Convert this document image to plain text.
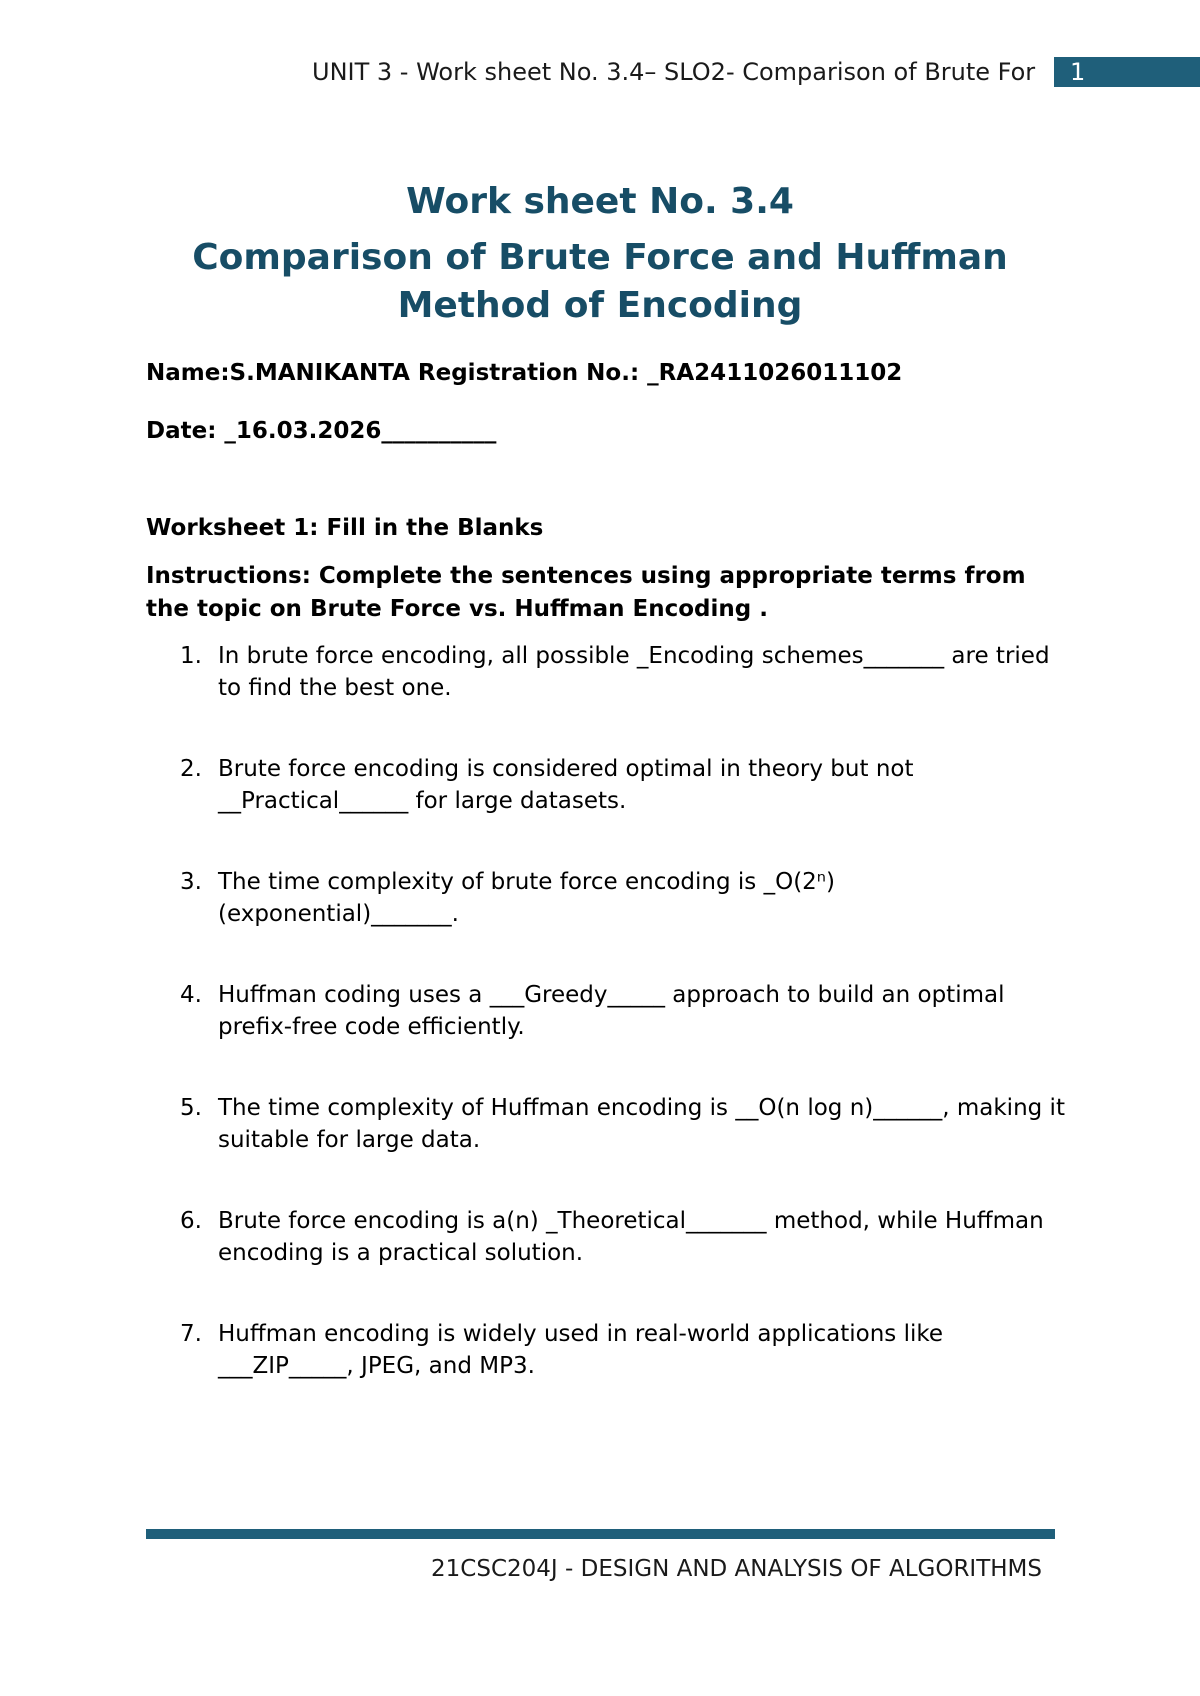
UNIT 3 - Work sheet No. 3.4– SLO2- Comparison of Brute For	1
Work sheet No. 3.4
Comparison of Brute Force and Huffman
Method of Encoding
Name:S.MANIKANTA Registration No.: _RA2411026011102
Date: _16.03.2026__________
Worksheet 1: Fill in the Blanks
Instructions: Complete the sentences using appropriate terms from the topic on Brute Force vs. Huffman Encoding .
1. In brute force encoding, all possible _Encoding schemes_______ are tried to find the best one.
2. Brute force encoding is considered optimal in theory but not __Practical______ for large datasets.
3. The time complexity of brute force encoding is _O(2ⁿ) (exponential)_______.
4. Huffman coding uses a ___Greedy_____ approach to build an optimal prefix-free code efficiently.
5. The time complexity of Huffman encoding is __O(n log n)______, making it suitable for large data.
6. Brute force encoding is a(n) _Theoretical_______ method, while Huffman encoding is a practical solution.
7. Huffman encoding is widely used in real-world applications like ___ZIP_____, JPEG, and MP3.
21CSC204J - DESIGN AND ANALYSIS OF ALGORITHMS
